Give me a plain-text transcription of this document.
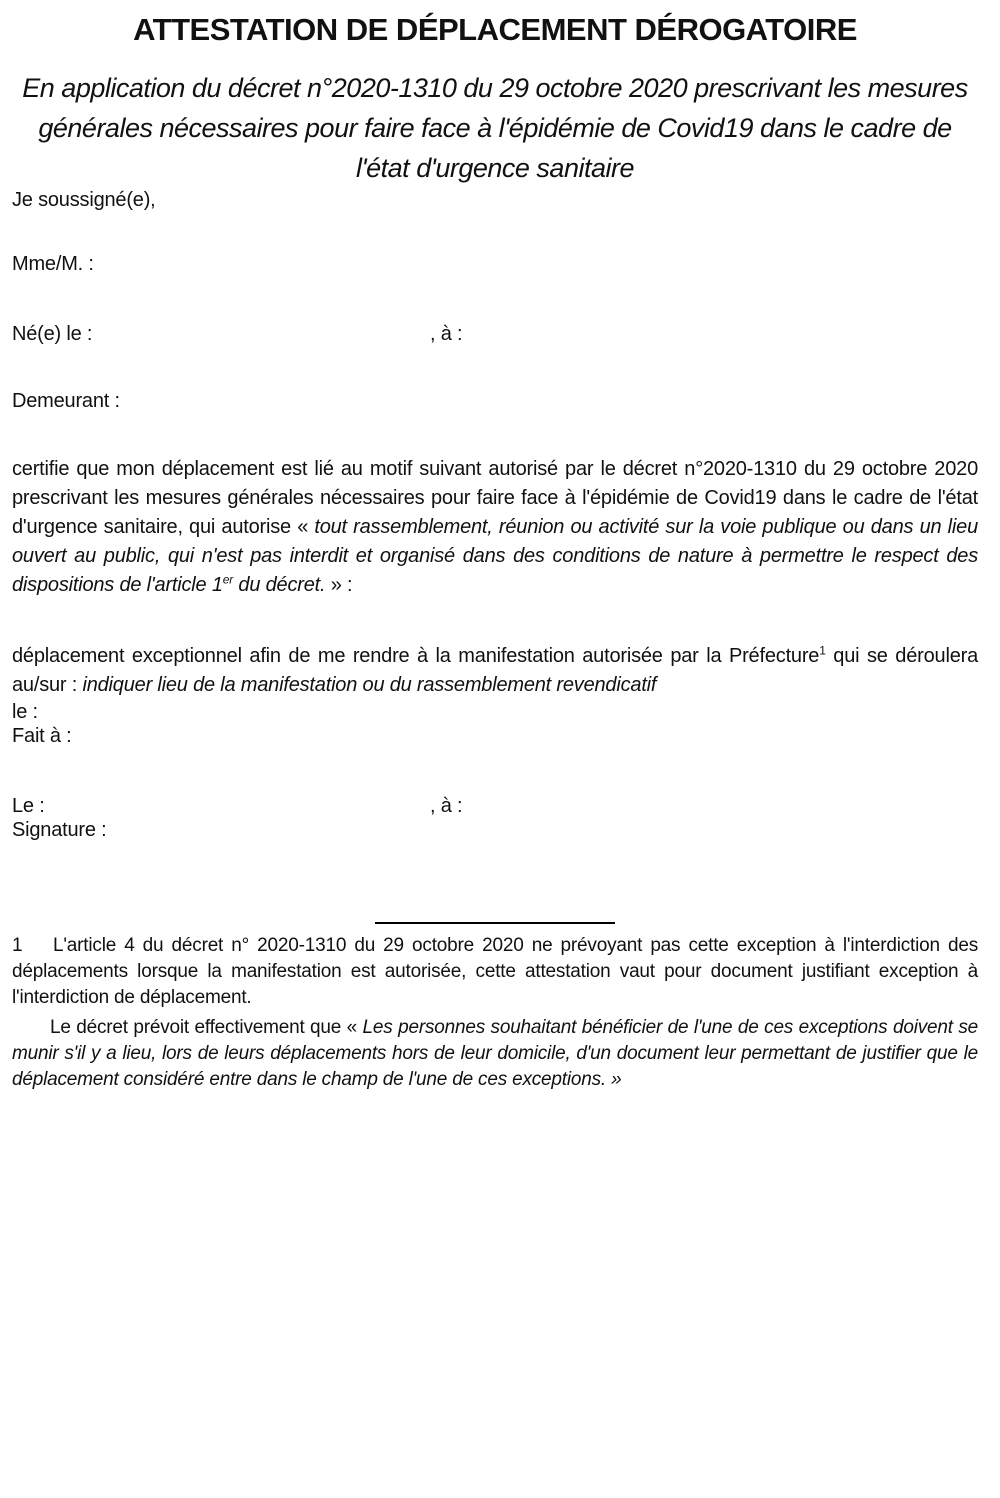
ATTESTATION DE DÉPLACEMENT DÉROGATOIRE

En application du décret n°2020-1310 du 29 octobre 2020 prescrivant les mesures générales nécessaires pour faire face à l'épidémie de Covid19 dans le cadre de l'état d'urgence sanitaire

Je soussigné(e),

Mme/M. :
Né(e) le :	, à :
Demeurant :

certifie que mon déplacement est lié au motif suivant autorisé par le décret n°2020-1310 du 29 octobre 2020 prescrivant les mesures générales nécessaires pour faire face à l'épidémie de Covid19 dans le cadre de l'état d'urgence sanitaire, qui autorise « tout rassemblement, réunion ou activité sur la voie publique ou dans un lieu ouvert au public, qui n'est pas interdit et organisé dans des conditions de nature à permettre le respect des dispositions de l'article 1er du décret. » :

déplacement exceptionnel afin de me rendre à la manifestation autorisée par la Préfecture$^1$ qui se déroulera au/sur : indiquer lieu de la manifestation ou du rassemblement revendicatif

le :

Fait à :

Le :	, à :

Signature :

1 L'article 4 du décret n° 2020-1310 du 29 octobre 2020 ne prévoyant pas cette exception à l'interdiction des déplacements lorsque la manifestation est autorisée, cette attestation vaut pour document justifiant exception à l'interdiction de déplacement.

Le décret prévoit effectivement que « Les personnes souhaitant bénéficier de l'une de ces exceptions doivent se munir s'il y a lieu, lors de leurs déplacements hors de leur domicile, d'un document leur permettant de justifier que le déplacement considéré entre dans le champ de l'une de ces exceptions. »
